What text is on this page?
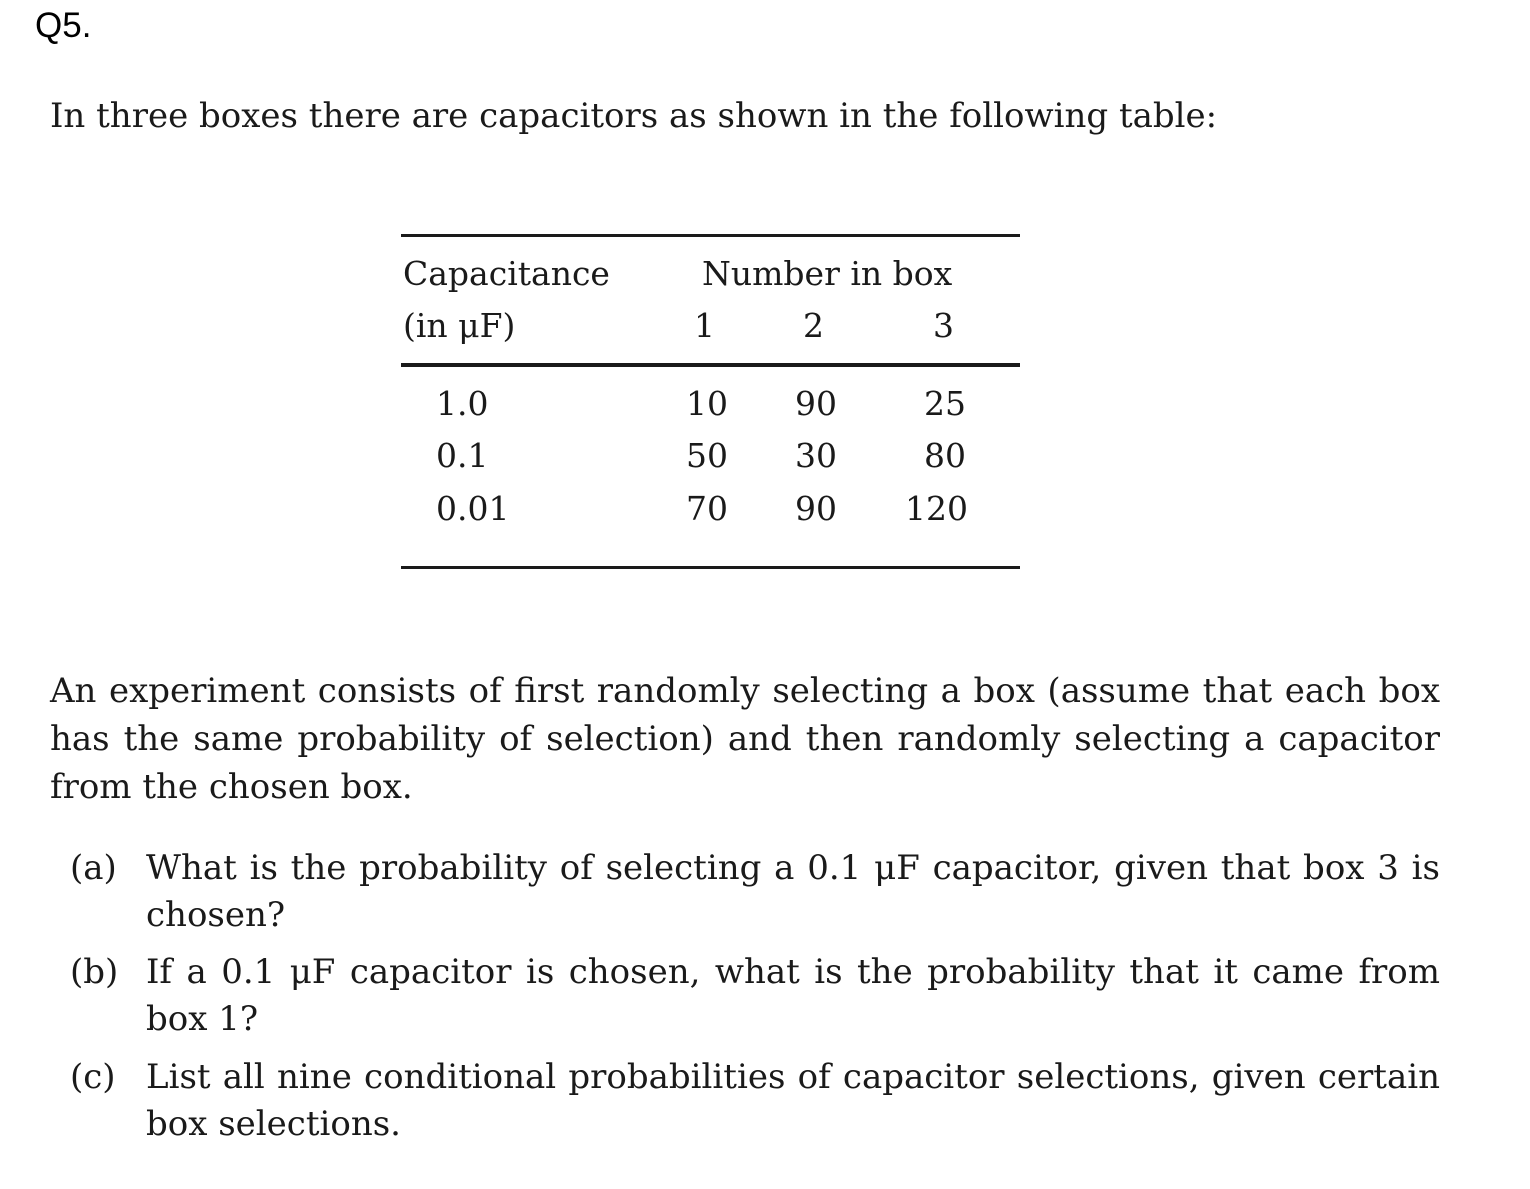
Q5.
In three boxes there are capacitors as shown in the following table:
Capacitance
(in μF)
Number in box
1	2	3
1.0	10 90	25
0.1	50 30	80
0.01	70 90 120
An experiment consists of first randomly selecting a box (assume that each box
has the same probability of selection) and then randomly selecting a capacitor
from the chosen box.
(a) What is the probability of selecting a 0.1 μF capacitor, given that box 3 is
chosen?
(b) If a 0.1 μF capacitor is chosen, what is the probability that it came from
box 1?
(c) List all nine conditional probabilities of capacitor selections, given certain
box selections.
